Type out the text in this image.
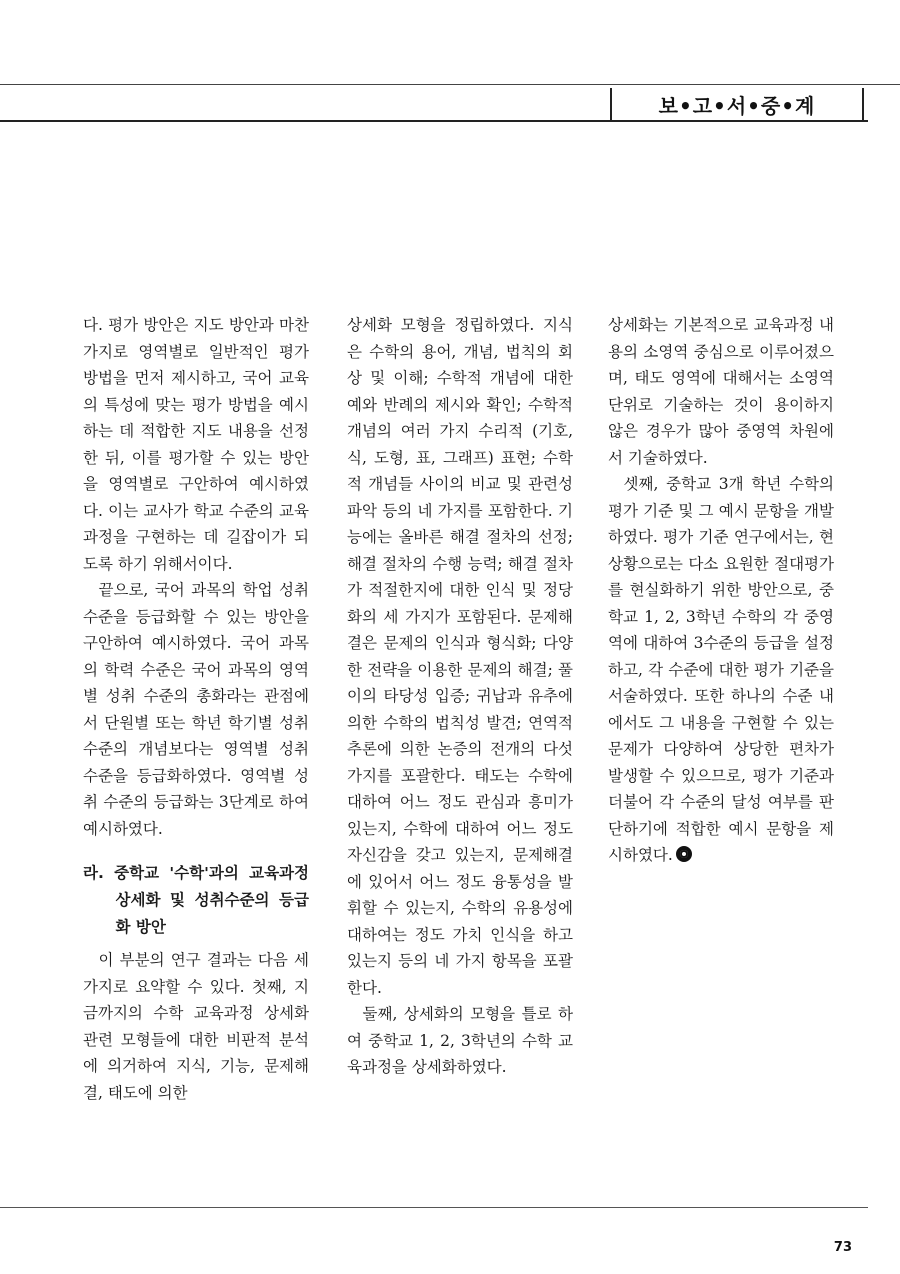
보•고•서•중•계

다. 평가 방안은 지도 방안과 마찬가지로 영역별로 일반적인 평가 방법을 먼저 제시하고, 국어 교육의 특성에 맞는 평가 방법을 예시하는 데 적합한 지도 내용을 선정한 뒤, 이를 평가할 수 있는 방안을 영역별로 구안하여 예시하였다. 이는 교사가 학교 수준의 교육과정을 구현하는 데 길잡이가 되도록 하기 위해서이다.

끝으로, 국어 과목의 학업 성취 수준을 등급화할 수 있는 방안을 구안하여 예시하였다. 국어 과목의 학력 수준은 국어 과목의 영역별 성취 수준의 총화라는 관점에서 단원별 또는 학년 학기별 성취 수준의 개념보다는 영역별 성취 수준을 등급화하였다. 영역별 성취 수준의 등급화는 3단계로 하여 예시하였다.

라. 중학교 '수학'과의 교육과정 상세화 및 성취수준의 등급화 방안

이 부분의 연구 결과는 다음 세 가지로 요약할 수 있다. 첫째, 지금까지의 수학 교육과정 상세화 관련 모형들에 대한 비판적 분석에 의거하여 지식, 기능, 문제해결, 태도에 의한

상세화 모형을 정립하였다. 지식은 수학의 용어, 개념, 법칙의 회상 및 이해; 수학적 개념에 대한 예와 반례의 제시와 확인; 수학적 개념의 여러 가지 수리적 (기호, 식, 도형, 표, 그래프) 표현; 수학적 개념들 사이의 비교 및 관련성 파악 등의 네 가지를 포함한다. 기능에는 올바른 해결 절차의 선정; 해결 절차의 수행 능력; 해결 절차가 적절한지에 대한 인식 및 정당화의 세 가지가 포함된다. 문제해결은 문제의 인식과 형식화; 다양한 전략을 이용한 문제의 해결; 풀이의 타당성 입증; 귀납과 유추에 의한 수학의 법칙성 발견; 연역적 추론에 의한 논증의 전개의 다섯 가지를 포괄한다. 태도는 수학에 대하여 어느 정도 관심과 흥미가 있는지, 수학에 대하여 어느 정도 자신감을 갖고 있는지, 문제해결에 있어서 어느 정도 융통성을 발휘할 수 있는지, 수학의 유용성에 대하여는 정도 가치 인식을 하고 있는지 등의 네 가지 항목을 포괄한다.

둘째, 상세화의 모형을 틀로 하여 중학교 1, 2, 3학년의 수학 교육과정을 상세화하였다.

상세화는 기본적으로 교육과정 내용의 소영역 중심으로 이루어졌으며, 태도 영역에 대해서는 소영역 단위로 기술하는 것이 용이하지 않은 경우가 많아 중영역 차원에서 기술하였다.

셋째, 중학교 3개 학년 수학의 평가 기준 및 그 예시 문항을 개발하였다. 평가 기준 연구에서는, 현 상황으로는 다소 요원한 절대평가를 현실화하기 위한 방안으로, 중학교 1, 2, 3학년 수학의 각 중영역에 대하여 3수준의 등급을 설정하고, 각 수준에 대한 평가 기준을 서술하였다. 또한 하나의 수준 내에서도 그 내용을 구현할 수 있는 문제가 다양하여 상당한 편차가 발생할 수 있으므로, 평가 기준과 더불어 각 수준의 달성 여부를 판단하기에 적합한 예시 문항을 제시하였다.

73
